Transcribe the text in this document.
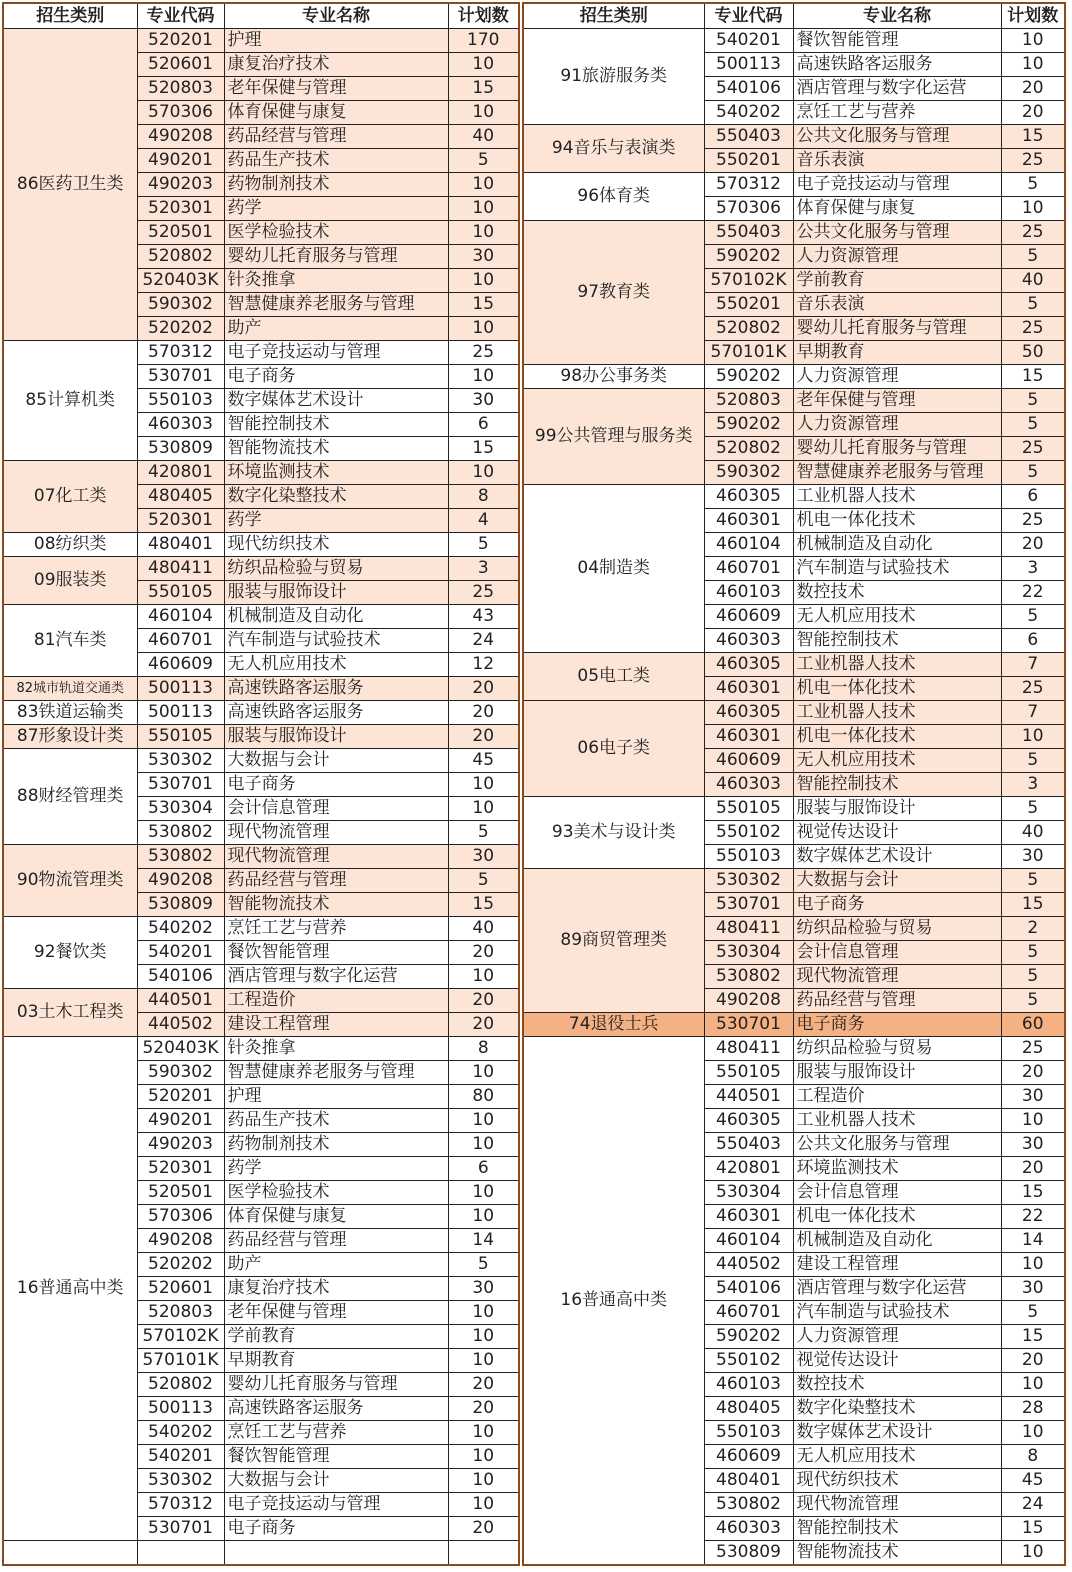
招生类别	专业代码	专业名称	计划数
86医药卫生类	520201	护理	170
	520601	康复治疗技术	10
	520803	老年保健与管理	15
	570306	体育保健与康复	10
	490208	药品经营与管理	40
	490201	药品生产技术	5
	490203	药物制剂技术	10
	520301	药学	10
	520501	医学检验技术	10
	520802	婴幼儿托育服务与管理	30
	520403K	针灸推拿	10
	590302	智慧健康养老服务与管理	15
	520202	助产	10
85计算机类	570312	电子竞技运动与管理	25
	530701	电子商务	10
	550103	数字媒体艺术设计	30
	460303	智能控制技术	6
	530809	智能物流技术	15
07化工类	420801	环境监测技术	10
	480405	数字化染整技术	8
	520301	药学	4
08纺织类	480401	现代纺织技术	5
09服装类	480411	纺织品检验与贸易	3
	550105	服装与服饰设计	25
81汽车类	460104	机械制造及自动化	43
	460701	汽车制造与试验技术	24
	460609	无人机应用技术	12
82城市轨道交通类	500113	高速铁路客运服务	20
83铁道运输类	500113	高速铁路客运服务	20
87形象设计类	550105	服装与服饰设计	20
88财经管理类	530302	大数据与会计	45
	530701	电子商务	10
	530304	会计信息管理	10
	530802	现代物流管理	5
90物流管理类	530802	现代物流管理	30
	490208	药品经营与管理	5
	530809	智能物流技术	15
92餐饮类	540202	烹饪工艺与营养	40
	540201	餐饮智能管理	20
	540106	酒店管理与数字化运营	10
03土木工程类	440501	工程造价	20
	440502	建设工程管理	20
16普通高中类	520403K	针灸推拿	8
	590302	智慧健康养老服务与管理	10
	520201	护理	80
	490201	药品生产技术	10
	490203	药物制剂技术	10
	520301	药学	6
	520501	医学检验技术	10
	570306	体育保健与康复	10
	490208	药品经营与管理	14
	520202	助产	5
	520601	康复治疗技术	30
	520803	老年保健与管理	10
	570102K	学前教育	10
	570101K	早期教育	10
	520802	婴幼儿托育服务与管理	20
	500113	高速铁路客运服务	20
	540202	烹饪工艺与营养	10
	540201	餐饮智能管理	10
	530302	大数据与会计	10
	570312	电子竞技运动与管理	10
	530701	电子商务	20

招生类别	专业代码	专业名称	计划数
91旅游服务类	540201	餐饮智能管理	10
	500113	高速铁路客运服务	10
	540106	酒店管理与数字化运营	20
	540202	烹饪工艺与营养	20
94音乐与表演类	550403	公共文化服务与管理	15
	550201	音乐表演	25
96体育类	570312	电子竞技运动与管理	5
	570306	体育保健与康复	10
97教育类	550403	公共文化服务与管理	25
	590202	人力资源管理	5
	570102K	学前教育	40
	550201	音乐表演	5
	520802	婴幼儿托育服务与管理	25
	570101K	早期教育	50
98办公事务类	590202	人力资源管理	15
99公共管理与服务类	520803	老年保健与管理	5
	590202	人力资源管理	5
	520802	婴幼儿托育服务与管理	25
	590302	智慧健康养老服务与管理	5
04制造类	460305	工业机器人技术	6
	460301	机电一体化技术	25
	460104	机械制造及自动化	20
	460701	汽车制造与试验技术	3
	460103	数控技术	22
	460609	无人机应用技术	5
	460303	智能控制技术	6
05电工类	460305	工业机器人技术	7
	460301	机电一体化技术	25
06电子类	460305	工业机器人技术	7
	460301	机电一体化技术	10
	460609	无人机应用技术	5
	460303	智能控制技术	3
93美术与设计类	550105	服装与服饰设计	5
	550102	视觉传达设计	40
	550103	数字媒体艺术设计	30
89商贸管理类	530302	大数据与会计	5
	530701	电子商务	15
	480411	纺织品检验与贸易	2
	530304	会计信息管理	5
	530802	现代物流管理	5
	490208	药品经营与管理	5
74退役士兵	530701	电子商务	60
16普通高中类	480411	纺织品检验与贸易	25
	550105	服装与服饰设计	20
	440501	工程造价	30
	460305	工业机器人技术	10
	550403	公共文化服务与管理	30
	420801	环境监测技术	20
	530304	会计信息管理	15
	460301	机电一体化技术	22
	460104	机械制造及自动化	14
	440502	建设工程管理	10
	540106	酒店管理与数字化运营	30
	460701	汽车制造与试验技术	5
	590202	人力资源管理	15
	550102	视觉传达设计	20
	460103	数控技术	10
	480405	数字化染整技术	28
	550103	数字媒体艺术设计	10
	460609	无人机应用技术	8
	480401	现代纺织技术	45
	530802	现代物流管理	24
	460303	智能控制技术	15
	530809	智能物流技术	10
